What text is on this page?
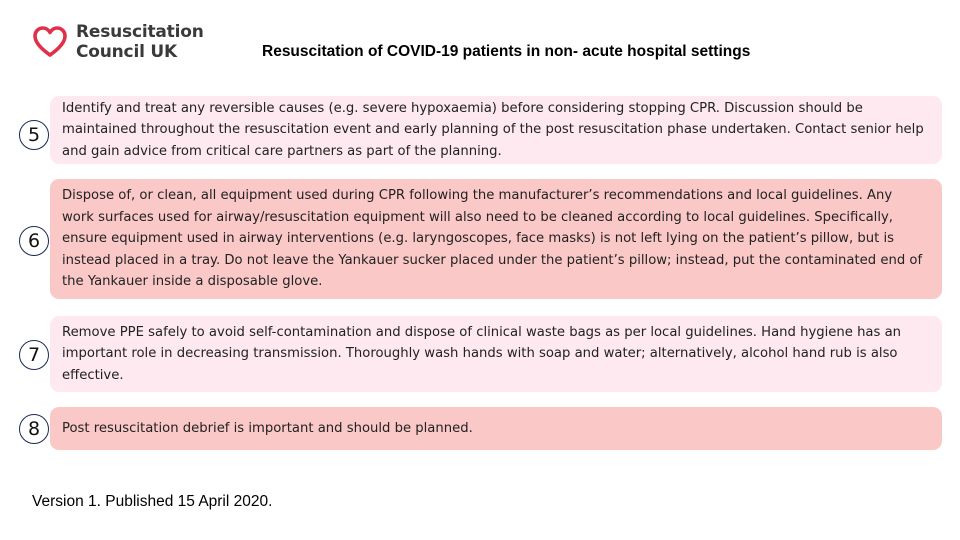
Resuscitation
Council UK	Resuscitation of COVID-19 patients in non- acute hospital settings
Identify and treat any reversible causes (e.g. severe hypoxaemia) before considering stopping CPR. Discussion should be maintained throughout the resuscitation event and early planning of the post resuscitation phase undertaken. Contact senior help and gain advice from critical care partners as part of the planning.
5
Dispose of, or clean, all equipment used during CPR following the manufacturer’s recommendations and local guidelines. Any work surfaces used for airway/resuscitation equipment will also need to be cleaned according to local guidelines. Specifically, ensure equipment used in airway interventions (e.g. laryngoscopes, face masks) is not left lying on the patient’s pillow, but is instead placed in a tray. Do not leave the Yankauer sucker placed under the patient’s pillow; instead, put the contaminated end of the Yankauer inside a disposable glove.
6
Remove PPE safely to avoid self-contamination and dispose of clinical waste bags as per local guidelines. Hand hygiene has an important role in decreasing transmission. Thoroughly wash hands with soap and water; alternatively, alcohol hand rub is also effective.
7
Post resuscitation debrief is important and should be planned.
8
Version 1. Published 15 April 2020.
